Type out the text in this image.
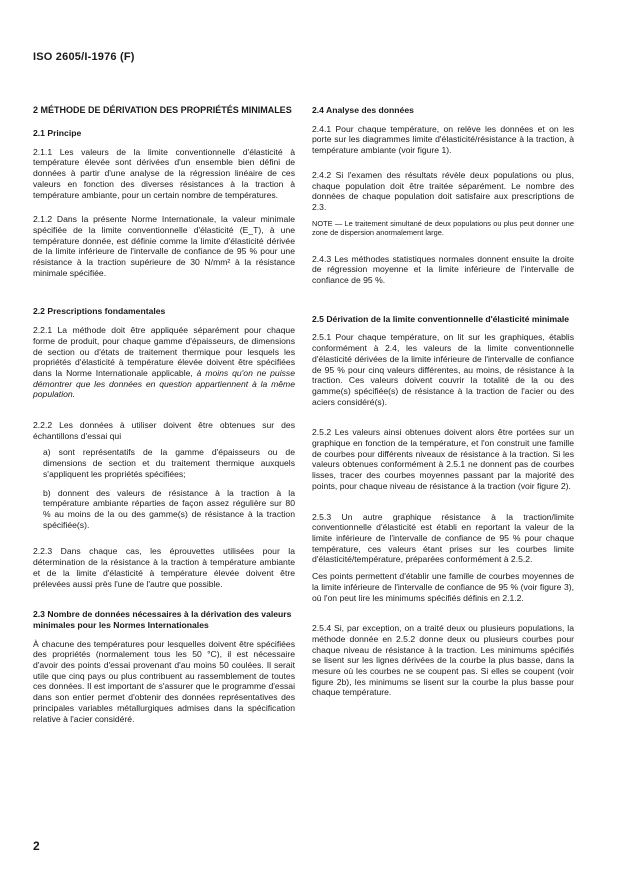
ISO 2605/I-1976 (F)
2 MÉTHODE DE DÉRIVATION DES PROPRIÉTÉS MINIMALES
2.1 Principe
2.1.1 Les valeurs de la limite conventionnelle d'élasticité à température élevée sont dérivées d'un ensemble bien défini de données à partir d'une analyse de la régression linéaire de ces valeurs en fonction des diverses résistances à la traction à température ambiante, pour un certain nombre de températures.
2.1.2 Dans la présente Norme Internationale, la valeur minimale spécifiée de la limite conventionnelle d'élasticité (E_T), à une température donnée, est définie comme la limite d'élasticité dérivée de la limite inférieure de l'intervalle de confiance de 95 % pour une résistance à la traction supérieure de 30 N/mm² à la résistance minimale spécifiée.
2.2 Prescriptions fondamentales
2.2.1 La méthode doit être appliquée séparément pour chaque forme de produit, pour chaque gamme d'épaisseurs, de dimensions de section ou d'états de traitement thermique pour lesquels les propriétés d'élasticité à température élevée doivent être spécifiées dans la Norme Internationale applicable, à moins qu'on ne puisse démontrer que les données en question appartiennent à la même population.
2.2.2 Les données à utiliser doivent être obtenues sur des échantillons d'essai qui
a) sont représentatifs de la gamme d'épaisseurs ou de dimensions de section et du traitement thermique auxquels s'appliquent les propriétés spécifiées;
b) donnent des valeurs de résistance à la traction à la température ambiante réparties de façon assez régulière sur 80 % au moins de la ou des gamme(s) de résistance à la traction spécifiée(s).
2.2.3 Dans chaque cas, les éprouvettes utilisées pour la détermination de la résistance à la traction à température ambiante et de la limite d'élasticité à température élevée doivent être prélevées aussi près l'une de l'autre que possible.
2.3 Nombre de données nécessaires à la dérivation des valeurs minimales pour les Normes Internationales
À chacune des températures pour lesquelles doivent être spécifiées des propriétés (normalement tous les 50 °C), il est nécessaire d'avoir des points d'essai provenant d'au moins 50 coulées. Il serait utile que cinq pays ou plus contribuent au rassemblement de toutes ces données. Il est important de s'assurer que le programme d'essai dans son entier permet d'obtenir des données représentatives des principales variables métallurgiques admises dans la spécification relative à l'acier considéré.
2.4 Analyse des données
2.4.1 Pour chaque température, on relève les données et on les porte sur les diagrammes limite d'élasticité/résistance à la traction, à température ambiante (voir figure 1).
2.4.2 Si l'examen des résultats révèle deux populations ou plus, chaque population doit être traitée séparément. Le nombre des données de chaque population doit satisfaire aux prescriptions de 2.3.
NOTE — Le traitement simultané de deux populations ou plus peut donner une zone de dispersion anormalement large.
2.4.3 Les méthodes statistiques normales donnent ensuite la droite de régression moyenne et la limite inférieure de l'intervalle de confiance de 95 %.
2.5 Dérivation de la limite conventionnelle d'élasticité minimale
2.5.1 Pour chaque température, on lit sur les graphiques, établis conformément à 2.4, les valeurs de la limite conventionnelle d'élasticité dérivées de la limite inférieure de l'intervalle de confiance de 95 % pour cinq valeurs différentes, au moins, de résistance à la traction. Ces valeurs doivent couvrir la totalité de la ou des gamme(s) spécifiée(s) de résistance à la traction de l'acier ou des aciers considéré(s).
2.5.2 Les valeurs ainsi obtenues doivent alors être portées sur un graphique en fonction de la température, et l'on construit une famille de courbes pour différents niveaux de résistance à la traction. Si les valeurs obtenues conformément à 2.5.1 ne donnent pas de courbes lisses, tracer des courbes moyennes passant par la majorité des points, pour chaque niveau de résistance à la traction (voir figure 2).
2.5.3 Un autre graphique résistance à la traction/limite conventionnelle d'élasticité est établi en reportant la valeur de la limite inférieure de l'intervalle de confiance de 95 % pour chaque température, ces valeurs étant prises sur les courbes limite d'élasticité/température, préparées conformément à 2.5.2.
Ces points permettent d'établir une famille de courbes moyennes de la limite inférieure de l'intervalle de confiance de 95 % (voir figure 3), où l'on peut lire les minimums spécifiés définis en 2.1.2.
2.5.4 Si, par exception, on a traité deux ou plusieurs populations, la méthode donnée en 2.5.2 donne deux ou plusieurs courbes pour chaque niveau de résistance à la traction. Les minimums spécifiés se lisent sur les lignes dérivées de la courbe la plus basse, dans la mesure où les courbes ne se coupent pas. Si elles se coupent (voir figure 2b), les minimums se lisent sur la courbe la plus basse pour chaque température.
2
